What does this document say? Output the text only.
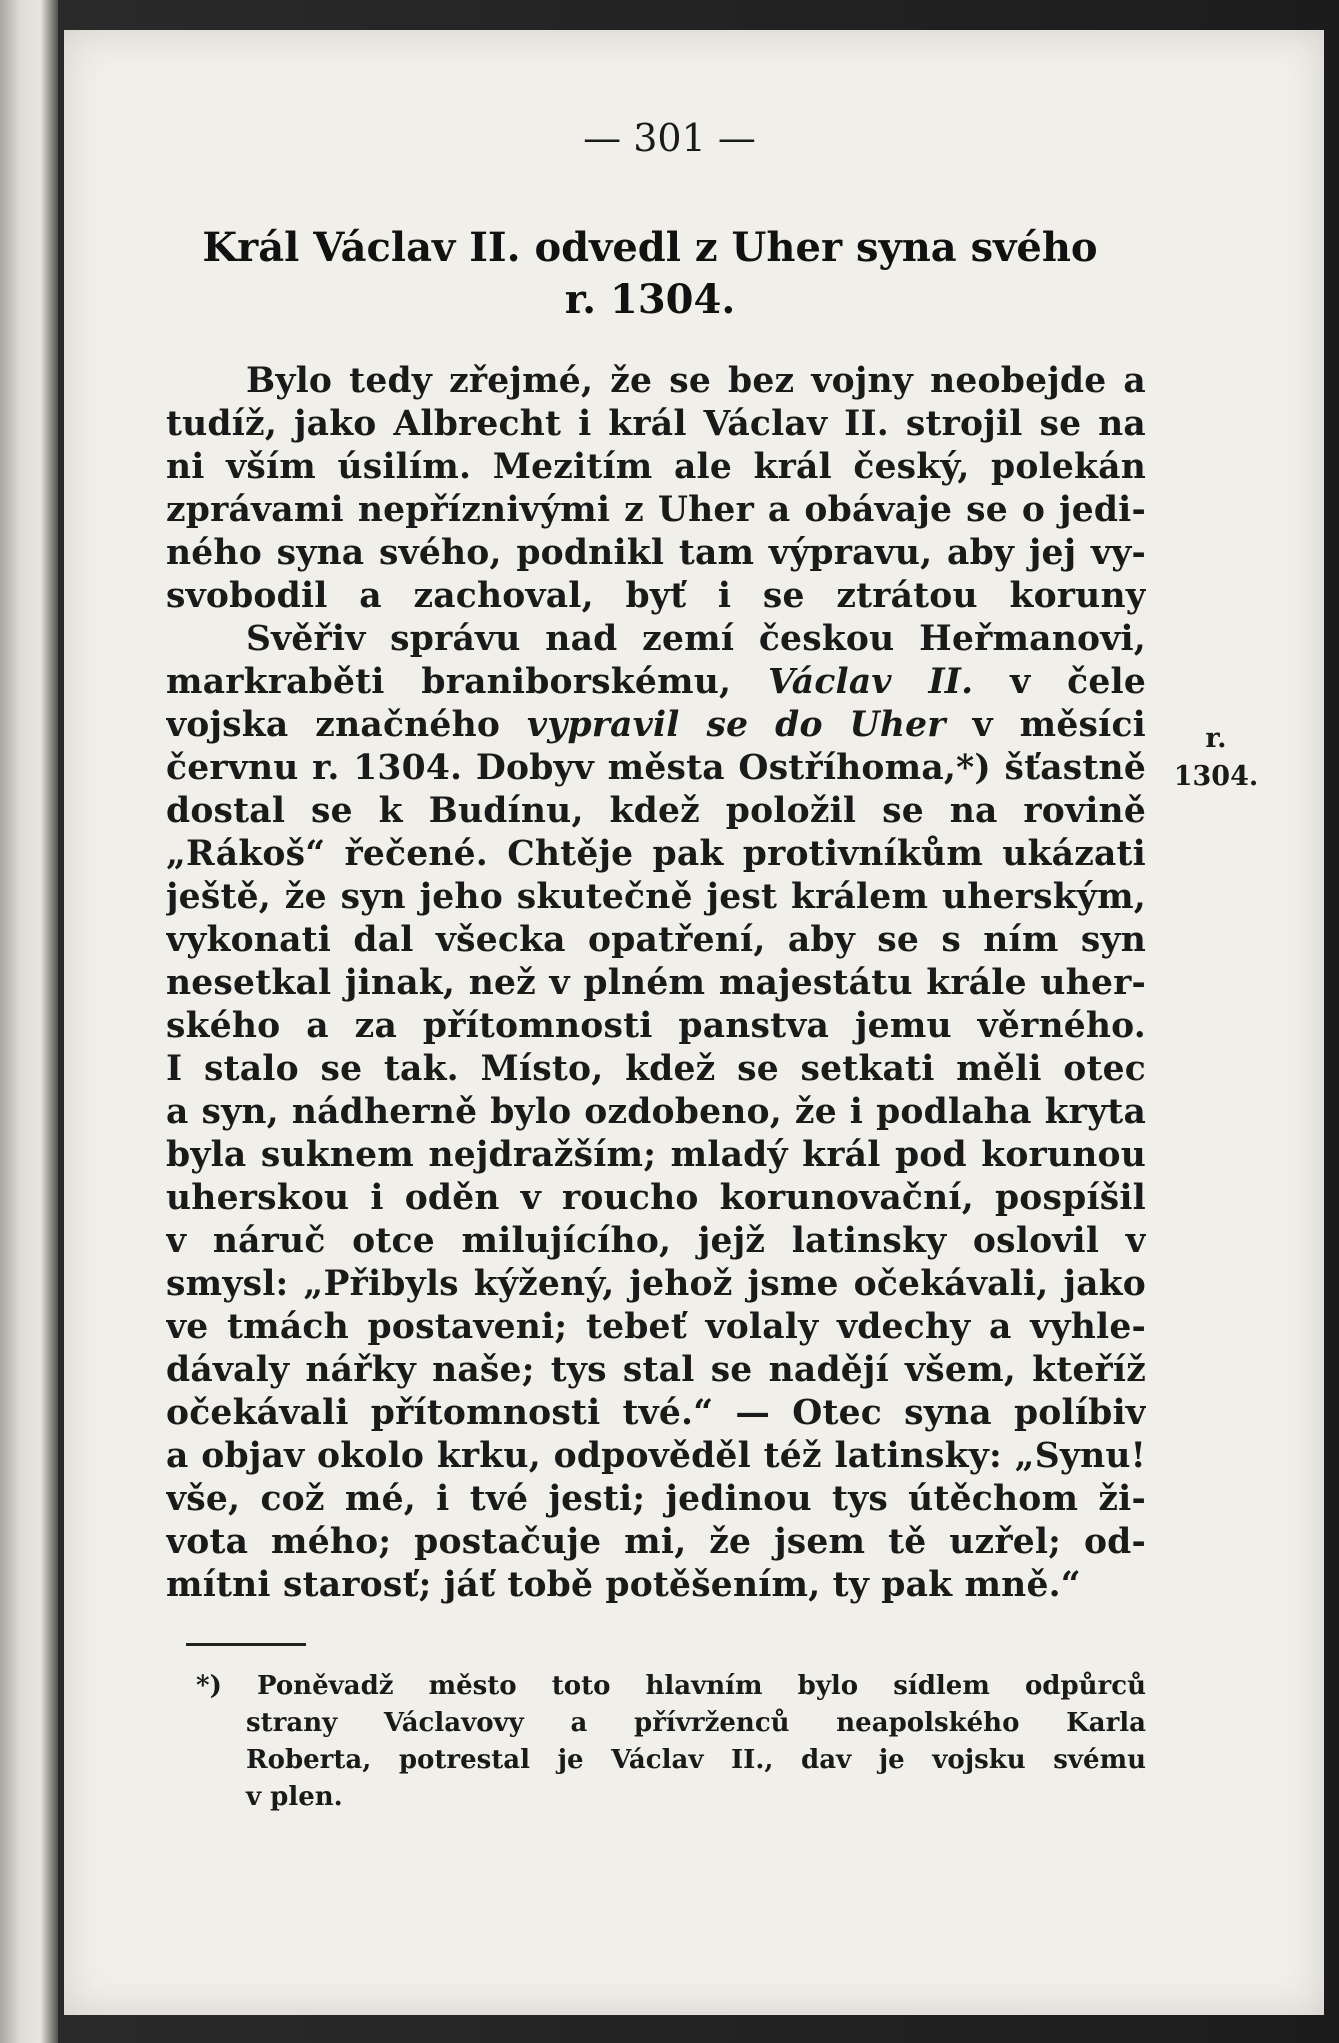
— 301 —
Král Václav II. odvedl z Uher syna svého
r. 1304.
Bylo tedy zřejmé, že se bez vojny neobejde a
tudíž, jako Albrecht i král Václav II. strojil se na
ni vším úsilím. Mezitím ale král český, polekán
zprávami nepříznivými z Uher a obávaje se o jedi-
ného syna svého, podnikl tam výpravu, aby jej vy-
svobodil a zachoval, byť i se ztrátou koruny
Svěřiv správu nad zemí českou Heřmanovi,
markraběti braniborskému, Václav II. v čele
vojska značného vypravil se do Uher v měsíci
červnu r. 1304. Dobyv města Ostříhoma,*) šťastně
dostal se k Budínu, kdež položil se na rovině
„Rákoš“ řečené. Chtěje pak protivníkům ukázati
ještě, že syn jeho skutečně jest králem uherským,
vykonati dal všecka opatření, aby se s ním syn
nesetkal jinak, než v plném majestátu krále uher-
ského a za přítomnosti panstva jemu věrného.
I stalo se tak. Místo, kdež se setkati měli otec
a syn, nádherně bylo ozdobeno, že i podlaha kryta
byla suknem nejdražším; mladý král pod korunou
uherskou i oděn v roucho korunovační, pospíšil
v náruč otce milujícího, jejž latinsky oslovil v
smysl: „Přibyls kýžený, jehož jsme očekávali, jako
ve tmách postaveni; tebeť volaly vdechy a vyhle-
dávaly nářky naše; tys stal se nadějí všem, kteříž
očekávali přítomnosti tvé.“ — Otec syna políbiv
a objav okolo krku, odpověděl též latinsky: „Synu!
vše, což mé, i tvé jesti; jedinou tys útěchom ži-
vota mého; postačuje mi, že jsem tě uzřel; od-
mítni starosť; jáť tobě potěšením, ty pak mně.“
r.
1304.
*) Poněvadž město toto hlavním bylo sídlem odpůrců
strany Václavovy a přívrženců neapolského Karla
Roberta, potrestal je Václav II., dav je vojsku svému
v plen.
